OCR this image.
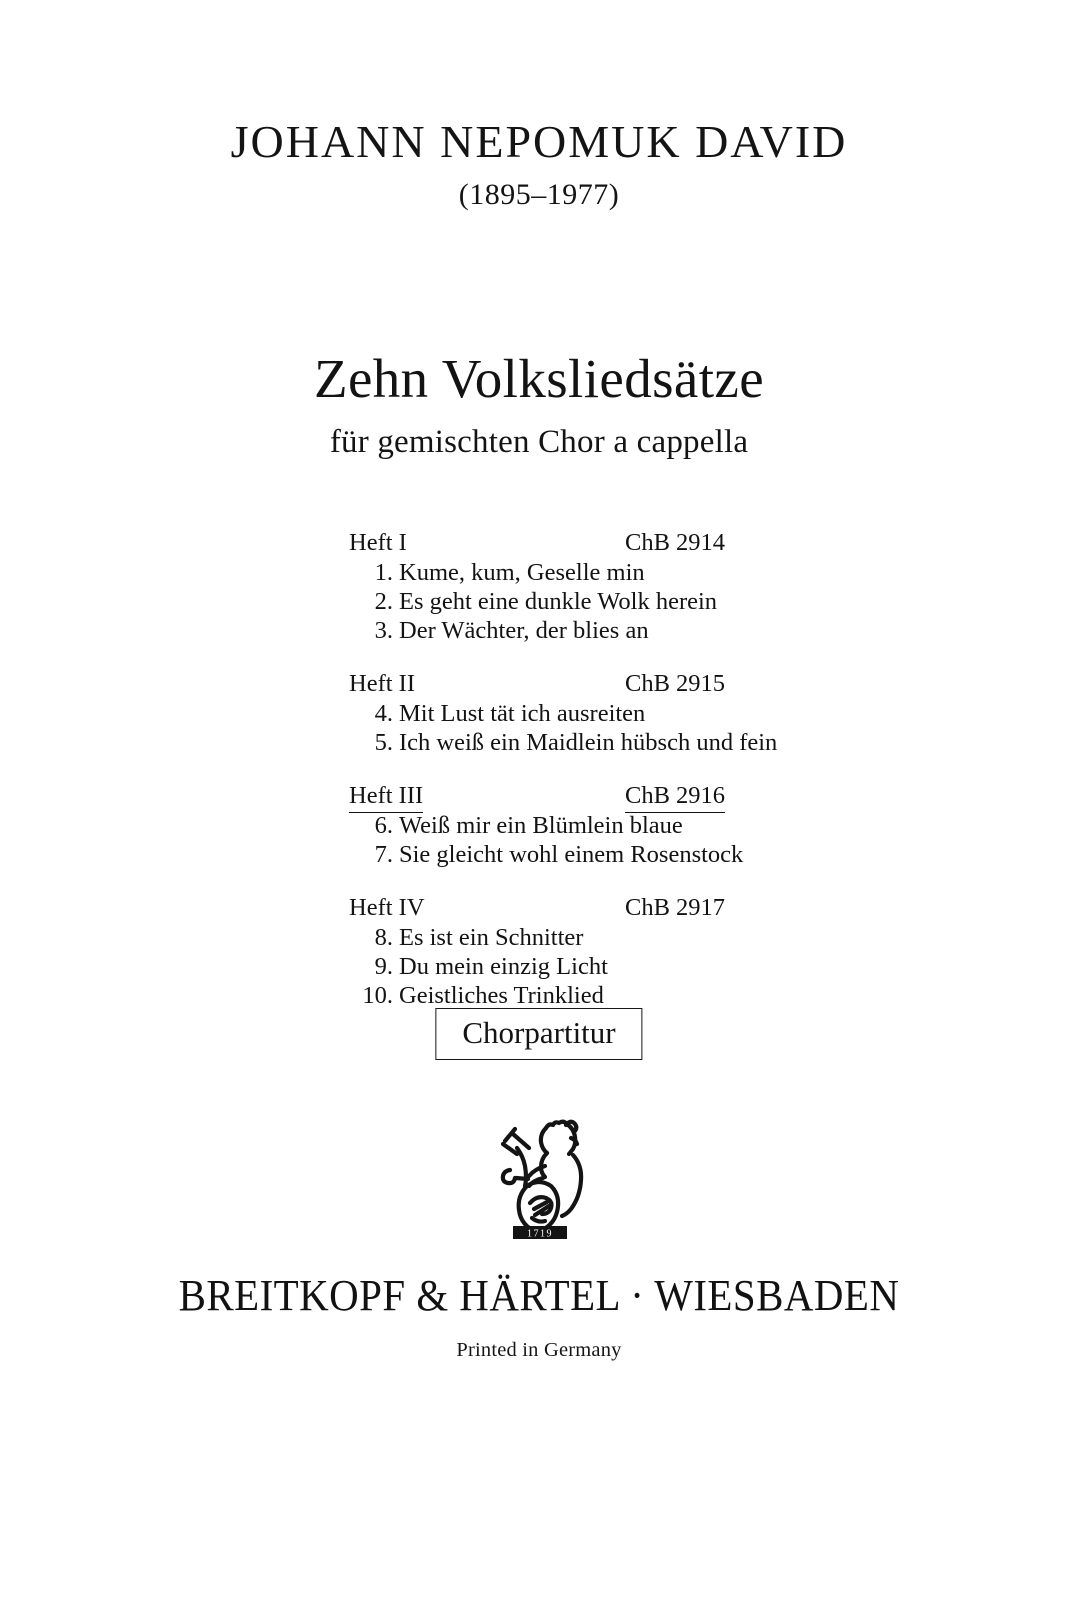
JOHANN NEPOMUK DAVID
(1895–1977)
Zehn Volksliedsätze
für gemischten Chor a cappella
Heft I	ChB 2914
1. Kume, kum, Geselle min
2. Es geht eine dunkle Wolk herein
3. Der Wächter, der blies an
Heft II	ChB 2915
4. Mit Lust tät ich ausreiten
5. Ich weiß ein Maidlein hübsch und fein
Heft III	ChB 2916
6. Weiß mir ein Blümlein blaue
7. Sie gleicht wohl einem Rosenstock
Heft IV	ChB 2917
8. Es ist ein Schnitter
9. Du mein einzig Licht
10. Geistliches Trinklied
Chorpartitur
1719
BREITKOPF & HÄRTEL · WIESBADEN
Printed in Germany
